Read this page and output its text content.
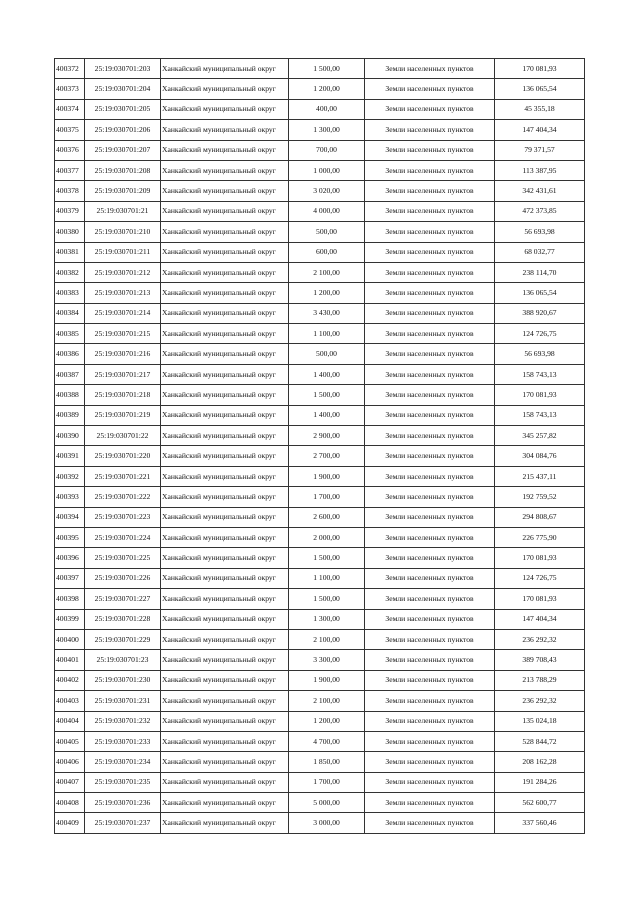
400372	25:19:030701:203	Ханкайский муниципальный округ	1 500,00	Земли населенных пунктов	170 081,93
400373	25:19:030701:204	Ханкайский муниципальный округ	1 200,00	Земли населенных пунктов	136 065,54
400374	25:19:030701:205	Ханкайский муниципальный округ	400,00	Земли населенных пунктов	45 355,18
400375	25:19:030701:206	Ханкайский муниципальный округ	1 300,00	Земли населенных пунктов	147 404,34
400376	25:19:030701:207	Ханкайский муниципальный округ	700,00	Земли населенных пунктов	79 371,57
400377	25:19:030701:208	Ханкайский муниципальный округ	1 000,00	Земли населенных пунктов	113 387,95
400378	25:19:030701:209	Ханкайский муниципальный округ	3 020,00	Земли населенных пунктов	342 431,61
400379	25:19:030701:21	Ханкайский муниципальный округ	4 000,00	Земли населенных пунктов	472 373,85
400380	25:19:030701:210	Ханкайский муниципальный округ	500,00	Земли населенных пунктов	56 693,98
400381	25:19:030701:211	Ханкайский муниципальный округ	600,00	Земли населенных пунктов	68 032,77
400382	25:19:030701:212	Ханкайский муниципальный округ	2 100,00	Земли населенных пунктов	238 114,70
400383	25:19:030701:213	Ханкайский муниципальный округ	1 200,00	Земли населенных пунктов	136 065,54
400384	25:19:030701:214	Ханкайский муниципальный округ	3 430,00	Земли населенных пунктов	388 920,67
400385	25:19:030701:215	Ханкайский муниципальный округ	1 100,00	Земли населенных пунктов	124 726,75
400386	25:19:030701:216	Ханкайский муниципальный округ	500,00	Земли населенных пунктов	56 693,98
400387	25:19:030701:217	Ханкайский муниципальный округ	1 400,00	Земли населенных пунктов	158 743,13
400388	25:19:030701:218	Ханкайский муниципальный округ	1 500,00	Земли населенных пунктов	170 081,93
400389	25:19:030701:219	Ханкайский муниципальный округ	1 400,00	Земли населенных пунктов	158 743,13
400390	25:19:030701:22	Ханкайский муниципальный округ	2 900,00	Земли населенных пунктов	345 257,82
400391	25:19:030701:220	Ханкайский муниципальный округ	2 700,00	Земли населенных пунктов	304 084,76
400392	25:19:030701:221	Ханкайский муниципальный округ	1 900,00	Земли населенных пунктов	215 437,11
400393	25:19:030701:222	Ханкайский муниципальный округ	1 700,00	Земли населенных пунктов	192 759,52
400394	25:19:030701:223	Ханкайский муниципальный округ	2 600,00	Земли населенных пунктов	294 808,67
400395	25:19:030701:224	Ханкайский муниципальный округ	2 000,00	Земли населенных пунктов	226 775,90
400396	25:19:030701:225	Ханкайский муниципальный округ	1 500,00	Земли населенных пунктов	170 081,93
400397	25:19:030701:226	Ханкайский муниципальный округ	1 100,00	Земли населенных пунктов	124 726,75
400398	25:19:030701:227	Ханкайский муниципальный округ	1 500,00	Земли населенных пунктов	170 081,93
400399	25:19:030701:228	Ханкайский муниципальный округ	1 300,00	Земли населенных пунктов	147 404,34
400400	25:19:030701:229	Ханкайский муниципальный округ	2 100,00	Земли населенных пунктов	236 292,32
400401	25:19:030701:23	Ханкайский муниципальный округ	3 300,00	Земли населенных пунктов	389 708,43
400402	25:19:030701:230	Ханкайский муниципальный округ	1 900,00	Земли населенных пунктов	213 788,29
400403	25:19:030701:231	Ханкайский муниципальный округ	2 100,00	Земли населенных пунктов	236 292,32
400404	25:19:030701:232	Ханкайский муниципальный округ	1 200,00	Земли населенных пунктов	135 024,18
400405	25:19:030701:233	Ханкайский муниципальный округ	4 700,00	Земли населенных пунктов	528 844,72
400406	25:19:030701:234	Ханкайский муниципальный округ	1 850,00	Земли населенных пунктов	208 162,28
400407	25:19:030701:235	Ханкайский муниципальный округ	1 700,00	Земли населенных пунктов	191 284,26
400408	25:19:030701:236	Ханкайский муниципальный округ	5 000,00	Земли населенных пунктов	562 600,77
400409	25:19:030701:237	Ханкайский муниципальный округ	3 000,00	Земли населенных пунктов	337 560,46
